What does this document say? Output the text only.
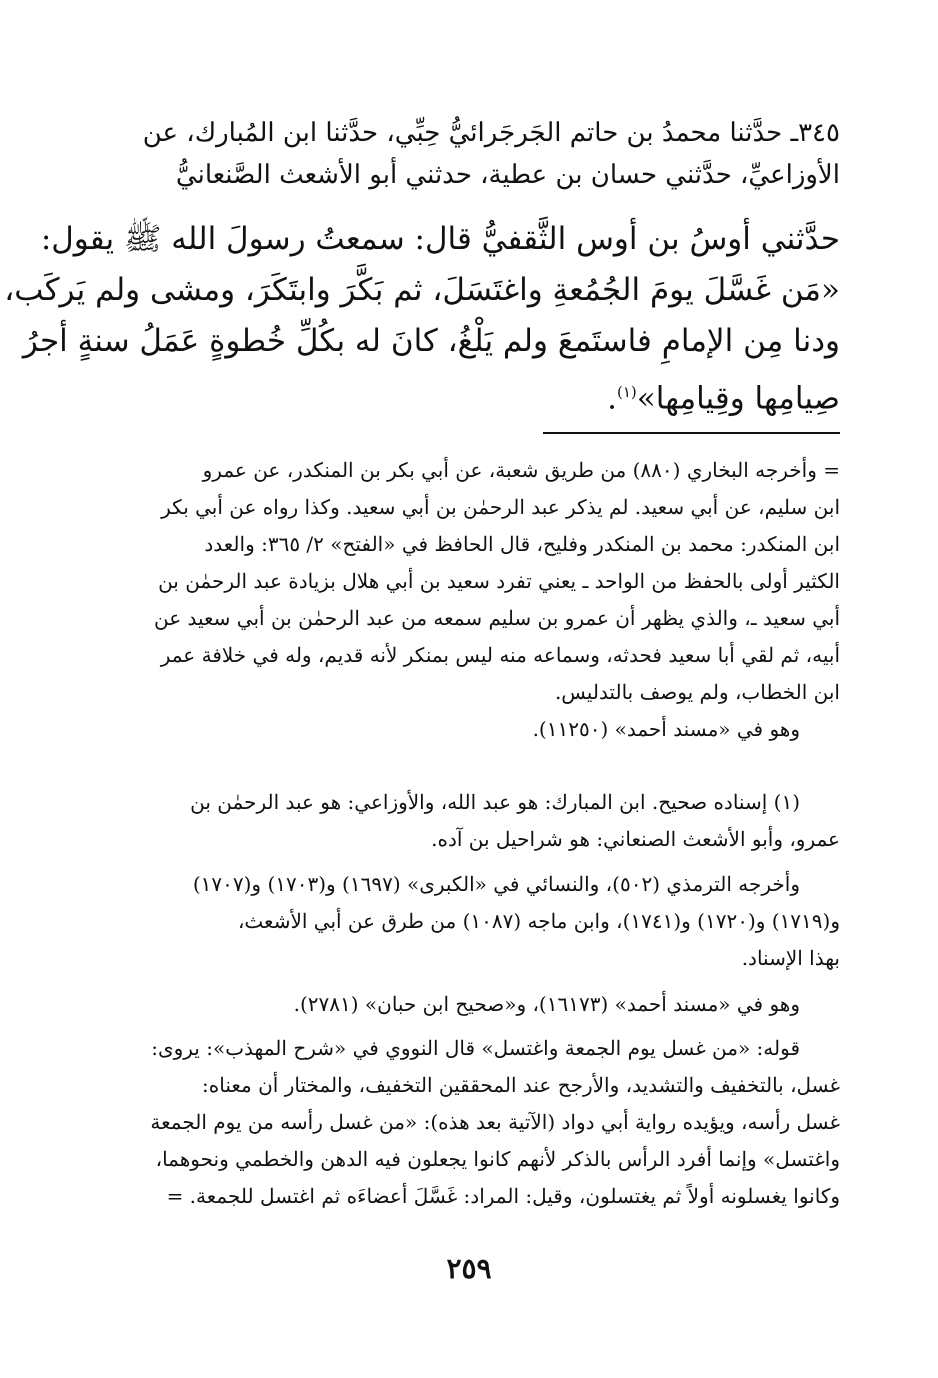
٣٤٥ـ حدَّثنا محمدُ بن حاتم الجَرجَرائيُّ حِبِّي، حدَّثنا ابن المُبارك، عن
الأوزاعيِّ، حدَّثني حسان بن عطية، حدثني أبو الأشعث الصَّنعانيُّ
حدَّثني أوسُ بن أوس الثَّقفيُّ قال: سمعتُ رسولَ الله ﷺ يقول:
«مَن غَسَّلَ يومَ الجُمُعةِ واغتَسَلَ، ثم بَكَّرَ وابتَكَرَ، ومشى ولم يَركَب،
ودنا مِن الإمامِ فاستَمعَ ولم يَلْغُ، كانَ له بكُلِّ خُطوةٍ عَمَلُ سنةٍ أجرُ
صِيامِها وقِيامِها»$^{(١)}$.
= وأخرجه البخاري (٨٨٠) من طريق شعبة، عن أبي بكر بن المنكدر، عن عمرو
ابن سليم، عن أبي سعيد. لم يذكر عبد الرحمٰن بن أبي سعيد. وكذا رواه عن أبي بكر
ابن المنكدر: محمد بن المنكدر وفليح، قال الحافظ في «الفتح» ٢/ ٣٦٥: والعدد
الكثير أولى بالحفظ من الواحد ـ يعني تفرد سعيد بن أبي هلال بزيادة عبد الرحمٰن بن
أبي سعيد ـ، والذي يظهر أن عمرو بن سليم سمعه من عبد الرحمٰن بن أبي سعيد عن
أبيه، ثم لقي أبا سعيد فحدثه، وسماعه منه ليس بمنكر لأنه قديم، وله في خلافة عمر
ابن الخطاب، ولم يوصف بالتدليس.
وهو في «مسند أحمد» (١١٢٥٠).
(١) إسناده صحيح. ابن المبارك: هو عبد الله، والأوزاعي: هو عبد الرحمٰن بن
عمرو، وأبو الأشعث الصنعاني: هو شراحيل بن آده.
وأخرجه الترمذي (٥٠٢)، والنسائي في «الكبرى» (١٦٩٧) و(١٧٠٣) و(١٧٠٧)
و(١٧١٩) و(١٧٢٠) و(١٧٤١)، وابن ماجه (١٠٨٧) من طرق عن أبي الأشعث،
بهذا الإسناد.
وهو في «مسند أحمد» (١٦١٧٣)، و«صحيح ابن حبان» (٢٧٨١).
قوله: «من غسل يوم الجمعة واغتسل» قال النووي في «شرح المهذب»: يروى:
غسل، بالتخفيف والتشديد، والأرجح عند المحققين التخفيف، والمختار أن معناه:
غسل رأسه، ويؤيده رواية أبي دواد (الآتية بعد هذه): «من غسل رأسه من يوم الجمعة
واغتسل» وإنما أفرد الرأس بالذكر لأنهم كانوا يجعلون فيه الدهن والخطمي ونحوهما،
وكانوا يغسلونه أولاً ثم يغتسلون، وقيل: المراد: غَسَّلَ أعضاءَه ثم اغتسل للجمعة. =
٢٥٩
